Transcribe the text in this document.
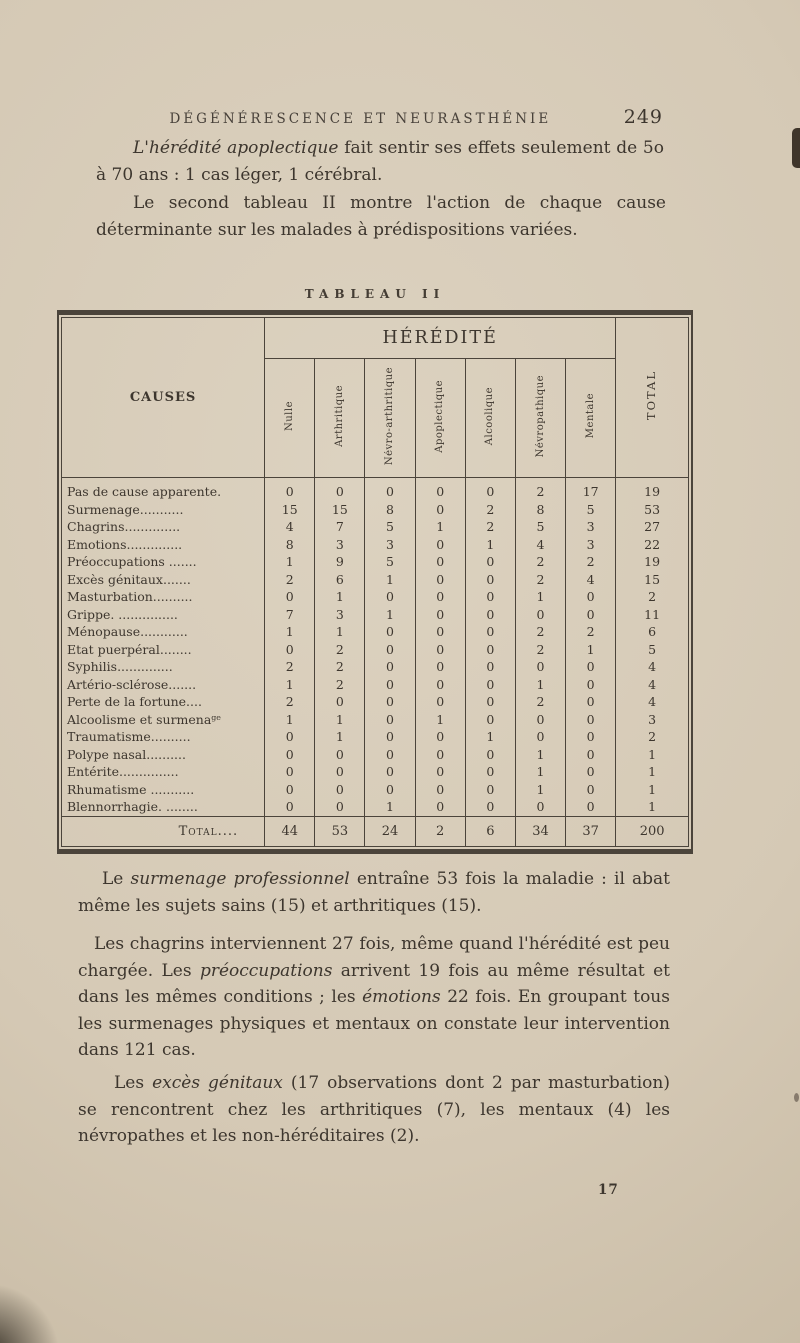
DÉGÉNÉRESCENCE ET NEURASTHÉNIE	249

L'hérédité apoplectique fait sentir ses effets seulement de 5o à 70 ans : 1 cas léger, 1 cérébral.

Le second tableau II montre l'action de chaque cause déterminante sur les malades à prédispositions variées.

TABLEAU II
CAUSES	HÉRÉDITÉ							TOTAL
	Nulle	Arthritique	Névro-arthritique	Apoplectique	Alcoolique	Névropathique	Mentale	
Pas de cause apparente.	0	0	0	0	0	2	17	19
Surmenage...........	15	15	8	0	2	8	5	53
Chagrins..............	4	7	5	1	2	5	3	27
Emotions..............	8	3	3	0	1	4	3	22
Préoccupations .......	1	9	5	0	0	2	2	19
Excès génitaux.......	2	6	1	0	0	2	4	15
Masturbation..........	0	1	0	0	0	1	0	2
Grippe. ...............	7	3	1	0	0	0	0	11
Ménopause............	1	1	0	0	0	2	2	6
Etat puerpéral........	0	2	0	0	0	2	1	5
Syphilis..............	2	2	0	0	0	0	0	4
Artério-sclérose.......	1	2	0	0	0	1	0	4
Perte de la fortune....	2	0	0	0	0	2	0	4
Alcoolisme et surmenaᵍᵉ	1	1	0	1	0	0	0	3
Traumatisme..........	0	1	0	0	1	0	0	2
Polype nasal..........	0	0	0	0	0	1	0	1
Entérite...............	0	0	0	0	0	1	0	1
Rhumatisme ...........	0	0	0	0	0	1	0	1
Blennorrhagie. ........	0	0	1	0	0	0	0	1
Total....	44	53	24	2	6	34	37	200

Le surmenage professionnel entraîne 53 fois la maladie : il abat même les sujets sains (15) et arthritiques (15).

Les chagrins interviennent 27 fois, même quand l'hérédité est peu chargée. Les préoccupations arrivent 19 fois au même résultat et dans les mêmes conditions ; les émotions 22 fois. En groupant tous les surmenages physiques et mentaux on constate leur intervention dans 121 cas.

Les excès génitaux (17 observations dont 2 par masturbation) se rencontrent chez les arthritiques (7), les mentaux (4) les névropathes et les non-héréditaires (2).

17
